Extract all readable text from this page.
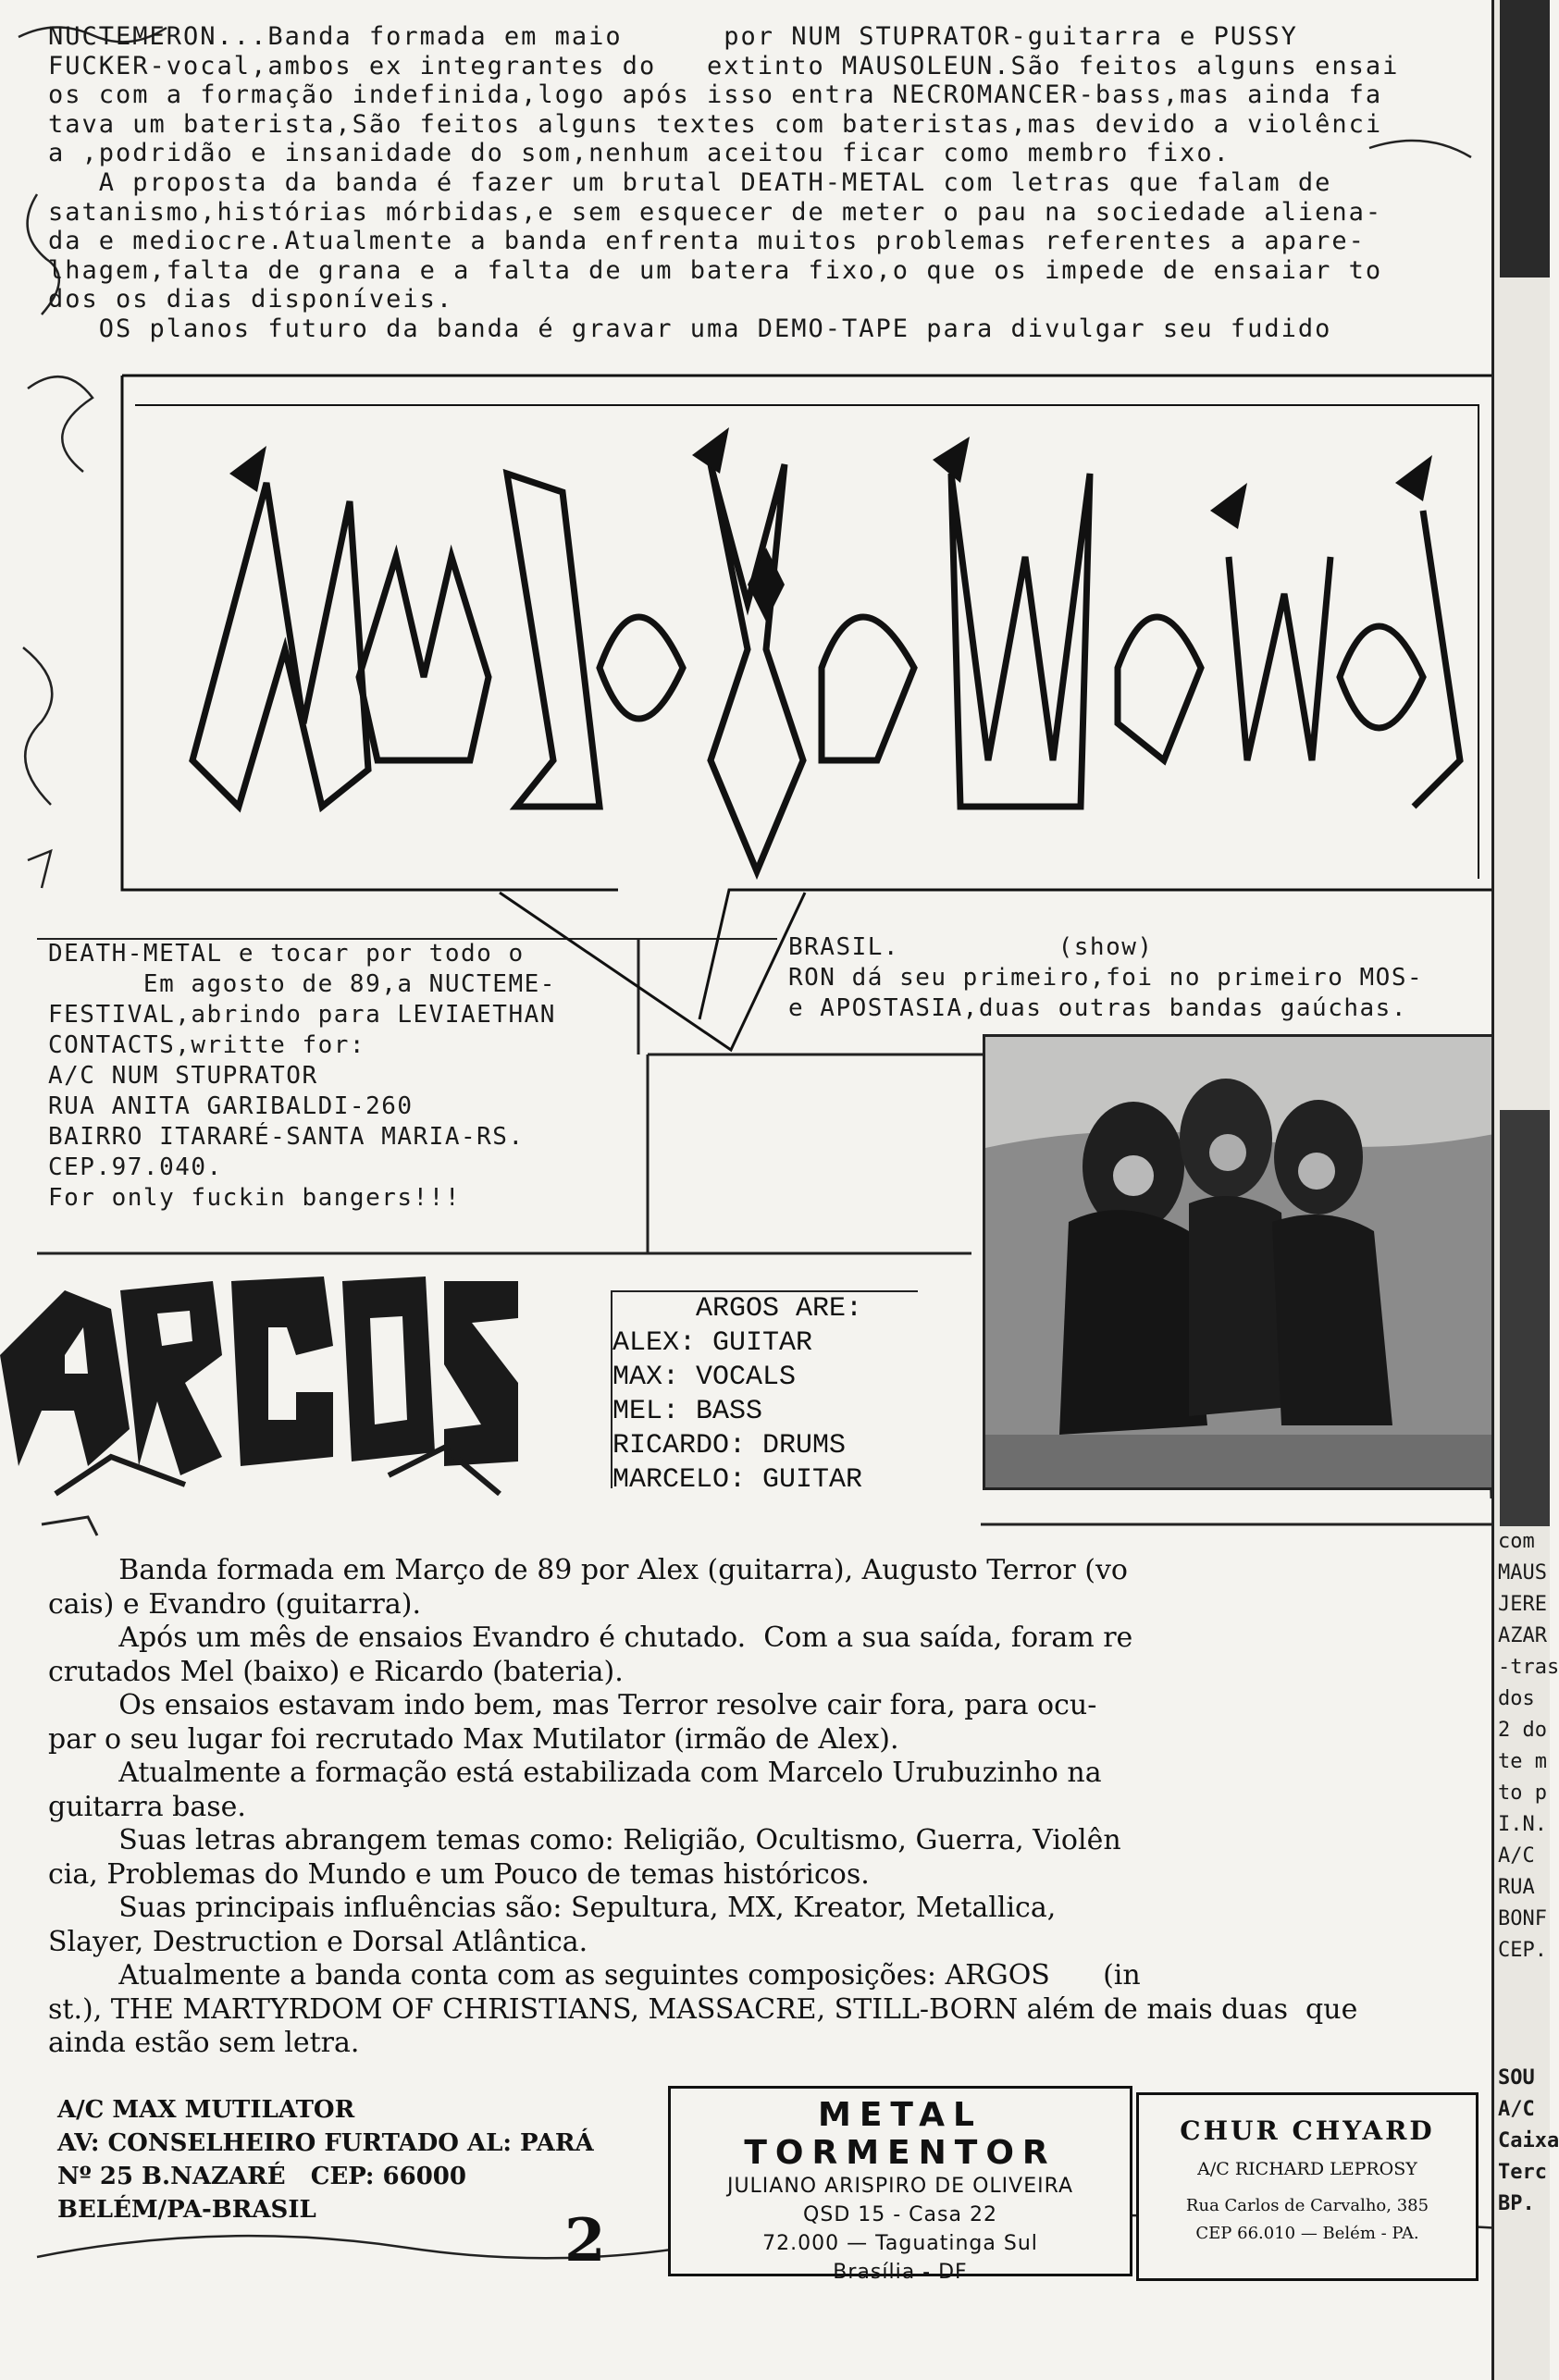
NUCTEMERON...Banda formada em maio      por NUM STUPRATOR-guitarra e PUSSY
FUCKER-vocal,ambos ex integrantes do   extinto MAUSOLEUN.São feitos alguns ensai
os com a formação indefinida,logo após isso entra NECROMANCER-bass,mas ainda fa
tava um baterista,São feitos alguns textes com bateristas,mas devido a violênci
a ,podridão e insanidade do som,nenhum aceitou ficar como membro fixo.
A proposta da banda é fazer um brutal DEATH-METAL com letras que falam de
satanismo,histórias mórbidas,e sem esquecer de meter o pau na sociedade aliena-
da e mediocre.Atualmente a banda enfrenta muitos problemas referentes a apare-
lhagem,falta de grana e a falta de um batera fixo,o que os impede de ensaiar to
dos os dias disponíveis.
OS planos futuro da banda é gravar uma DEMO-TAPE para divulgar seu fudido
DEATH-METAL e tocar por todo o
Em agosto de 89,a NUCTEME-
FESTIVAL,abrindo para LEVIAETHAN
CONTACTS,writte for:
A/C NUM STUPRATOR
RUA ANITA GARIBALDI-260
BAIRRO ITARARÉ-SANTA MARIA-RS.
CEP.97.040.
For only fuckin bangers!!!
BRASIL.          (show)
RON dá seu primeiro,foi no primeiro MOS-
e APOSTASIA,duas outras bandas gaúchas.
ARGOS ARE:
ALEX: GUITAR
MAX: VOCALS
MEL: BASS
RICARDO: DRUMS
MARCELO: GUITAR
Banda formada em Março de 89 por Alex (guitarra), Augusto Terror (vo
cais) e Evandro (guitarra).
Após um mês de ensaios Evandro é chutado.  Com a sua saída, foram re
crutados Mel (baixo) e Ricardo (bateria).
Os ensaios estavam indo bem, mas Terror resolve cair fora, para ocu-
par o seu lugar foi recrutado Max Mutilator (irmão de Alex).
Atualmente a formação está estabilizada com Marcelo Urubuzinho na
guitarra base.
Suas letras abrangem temas como: Religião, Ocultismo, Guerra, Violên
cia, Problemas do Mundo e um Pouco de temas históricos.
Suas principais influências são: Sepultura, MX, Kreator, Metallica,
Slayer, Destruction e Dorsal Atlântica.
Atualmente a banda conta com as seguintes composições: ARGOS      (in
st.), THE MARTYRDOM OF CHRISTIANS, MASSACRE, STILL-BORN além de mais duas  que
ainda estão sem letra.
A/C MAX MUTILATOR
AV: CONSELHEIRO FURTADO AL: PARÁ
Nº 25 B.NAZARÉ   CEP: 66000
BELÉM/PA-BRASIL	2
METAL TORMENTOR
JULIANO ARISPIRO DE OLIVEIRA
QSD 15 - Casa 22
72.000 — Taguatinga Sul
Brasília - DF
CHUR CHYARD
A/C RICHARD LEPROSY
Rua Carlos de Carvalho, 385
CEP 66.010 — Belém - PA.
com
MAUS
JERE
AZAR
-tras
dos
2 do
te m
to p
I.N.
A/C
RUA
BONF
CEP.
SOU
A/C
Caixa
Terc
BP.
